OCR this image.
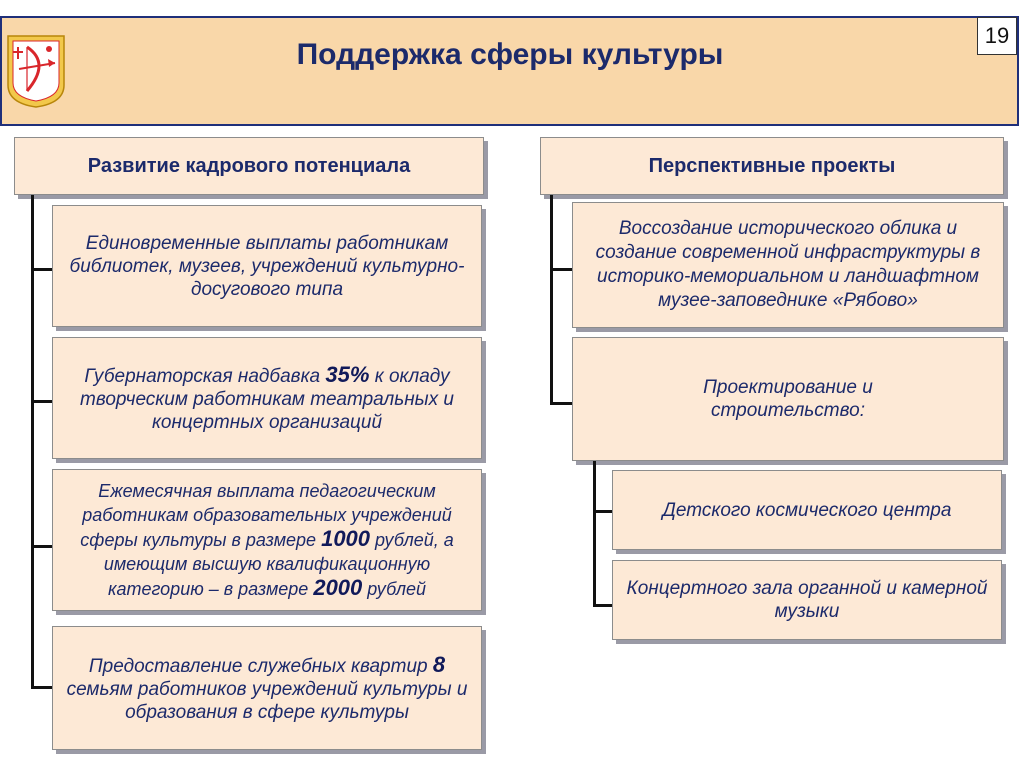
Поддержка сферы культуры
19
Развитие кадрового потенциала
Единовременные выплаты работникам библиотек, музеев, учреждений культурно-досугового типа
Губернаторская надбавка 35% к окладу творческим работникам театральных и концертных организаций
Ежемесячная выплата педагогическим работникам образовательных учреждений сферы культуры в размере 1000 рублей, а имеющим высшую квалификационную категорию – в размере 2000 рублей
Предоставление служебных квартир 8 семьям работников учреждений культуры и образования в сфере культуры
Перспективные проекты
Воссоздание исторического облика и создание современной инфраструктуры в историко-мемориальном и ландшафтном музее-заповеднике «Рябово»
Проектирование и строительство:
Детского космического центра
Концертного зала органной и камерной музыки
